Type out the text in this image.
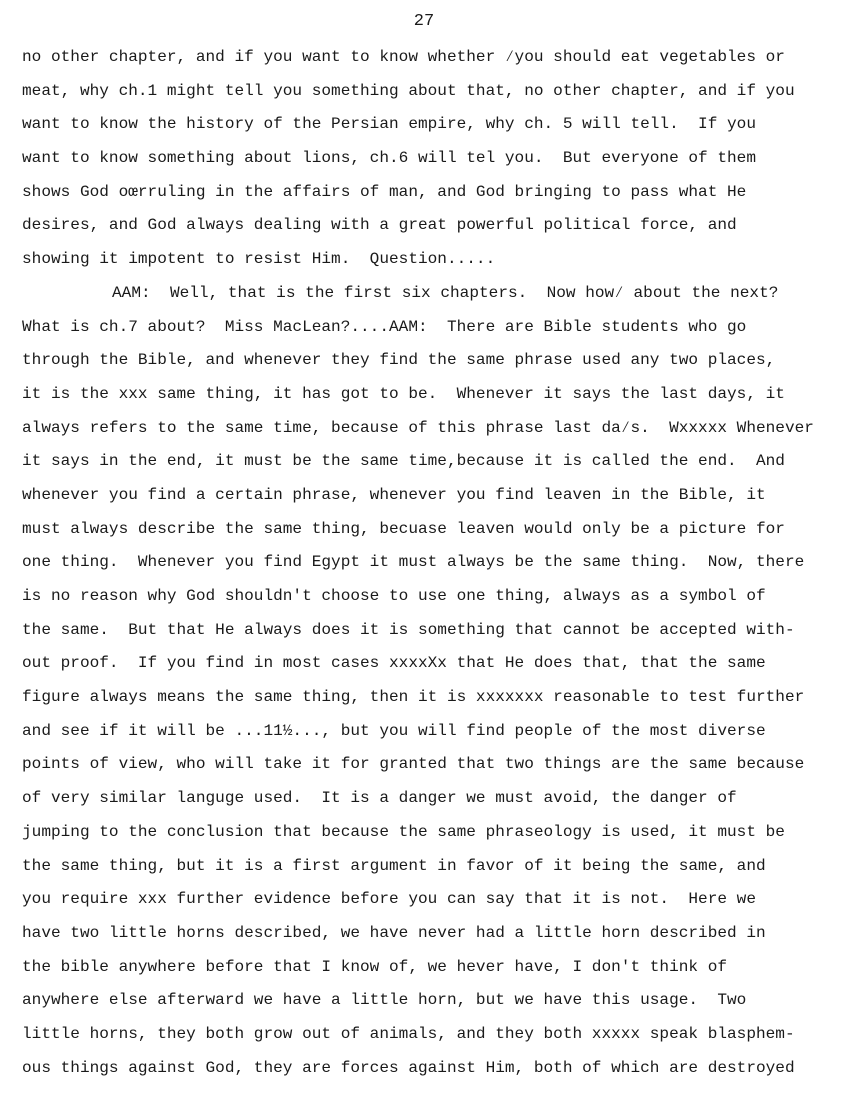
27
no other chapter, and if you want to know whether ⁄you should eat vegetables or
meat, why ch.1 might tell you something about that, no other chapter, and if you
want to know the history of the Persian empire, why ch. 5 will tell.  If you
want to know something about lions, ch.6 will tel you.  But everyone of them
shows God oœrruling in the affairs of man, and God bringing to pass what He
desires, and God always dealing with a great powerful political force, and
showing it impotent to resist Him.  Question.....
AAM:  Well, that is the first six chapters.  Now how⁄ about the next?
What is ch.7 about?  Miss MacLean?....AAM:  There are Bible students who go
through the Bible, and whenever they find the same phrase used any two places,
it is the xxx same thing, it has got to be.  Whenever it says the last days, it
always refers to the same time, because of this phrase last da⁄s.  Wxxxxx Whenever
it says in the end, it must be the same time,because it is called the end.  And
whenever you find a certain phrase, whenever you find leaven in the Bible, it
must always describe the same thing, becuase leaven would only be a picture for
one thing.  Whenever you find Egypt it must always be the same thing.  Now, there
is no reason why God shouldn't choose to use one thing, always as a symbol of
the same.  But that He always does it is something that cannot be accepted with-
out proof.  If you find in most cases xxxxXx that He does that, that the same
figure always means the same thing, then it is xxxxxxx reasonable to test further
and see if it will be ...11½..., but you will find people of the most diverse
points of view, who will take it for granted that two things are the same because
of very similar languge used.  It is a danger we must avoid, the danger of
jumping to the conclusion that because the same phraseology is used, it must be
the same thing, but it is a first argument in favor of it being the same, and
you require xxx further evidence before you can say that it is not.  Here we
have two little horns described, we have never had a little horn described in
the bible anywhere before that I know of, we hever have, I don't think of
anywhere else afterward we have a little horn, but we have this usage.  Two
little horns, they both grow out of animals, and they both xxxxx speak blasphem-
ous things against God, they are forces against Him, both of which are destroyed
